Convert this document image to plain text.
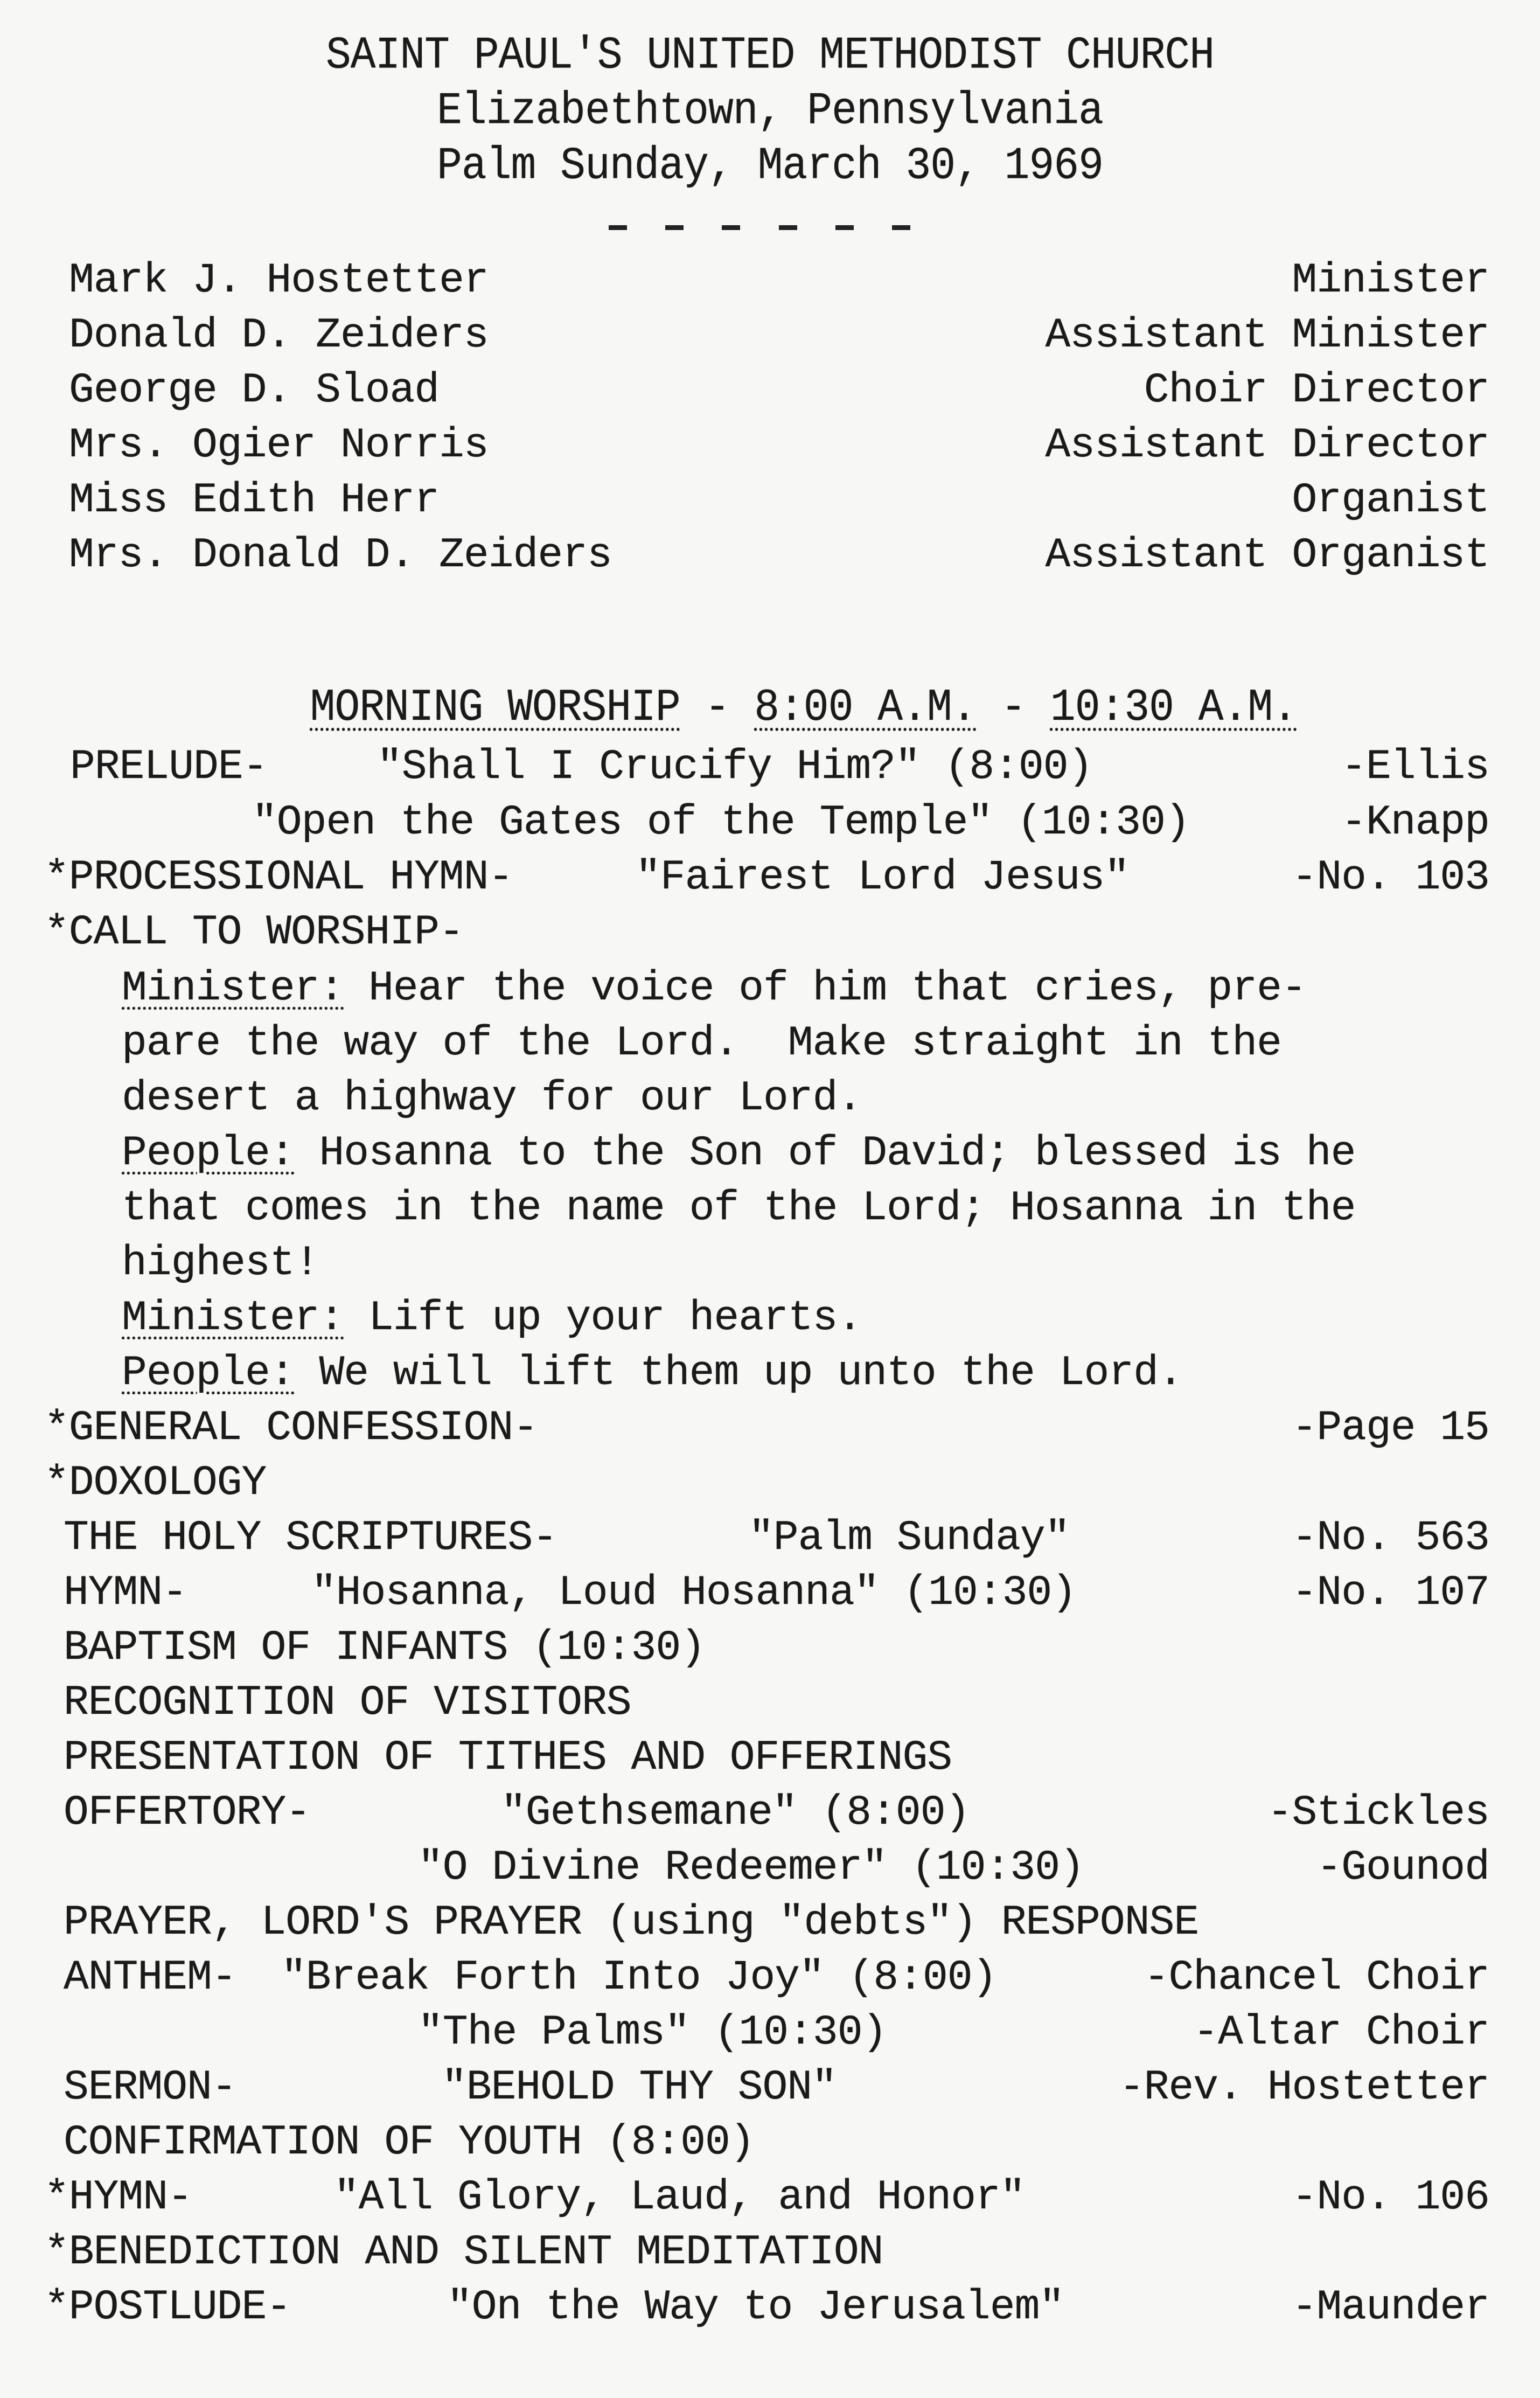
SAINT PAUL'S UNITED METHODIST CHURCH
Elizabethtown, Pennsylvania
Palm Sunday, March 30, 1969
Mark J. Hostetter	Minister
Donald D. Zeiders	Assistant Minister
George D. Sload	Choir Director
Mrs. Ogier Norris	Assistant Director
Miss Edith Herr	Organist
Mrs. Donald D. Zeiders	Assistant Organist

MORNING WORSHIP - 8:00 A.M. - 10:30 A.M.

PRELUDE-	"Shall I Crucify Him?" (8:00)	-Ellis
"Open the Gates of the Temple" (10:30)	-Knapp
*PROCESSIONAL HYMN-	"Fairest Lord Jesus"	-No. 103
*CALL TO WORSHIP-
Minister: Hear the voice of him that cries, pre-
pare the way of the Lord.  Make straight in the
desert a highway for our Lord.
People: Hosanna to the Son of David; blessed is he
that comes in the name of the Lord; Hosanna in the
highest!
Minister: Lift up your hearts.
People: We will lift them up unto the Lord.
*GENERAL CONFESSION-	-Page 15
*DOXOLOGY
THE HOLY SCRIPTURES-	"Palm Sunday"	-No. 563
HYMN-	"Hosanna, Loud Hosanna" (10:30)	-No. 107
BAPTISM OF INFANTS (10:30)
RECOGNITION OF VISITORS
PRESENTATION OF TITHES AND OFFERINGS
OFFERTORY-	"Gethsemane" (8:00)	-Stickles
"O Divine Redeemer" (10:30)	-Gounod
PRAYER, LORD'S PRAYER (using "debts") RESPONSE
ANTHEM- "Break Forth Into Joy" (8:00)	-Chancel Choir
"The Palms" (10:30)	-Altar Choir
SERMON-	"BEHOLD THY SON"	-Rev. Hostetter
CONFIRMATION OF YOUTH (8:00)
*HYMN-	"All Glory, Laud, and Honor"	-No. 106
*BENEDICTION AND SILENT MEDITATION
*POSTLUDE-	"On the Way to Jerusalem"	-Maunder
